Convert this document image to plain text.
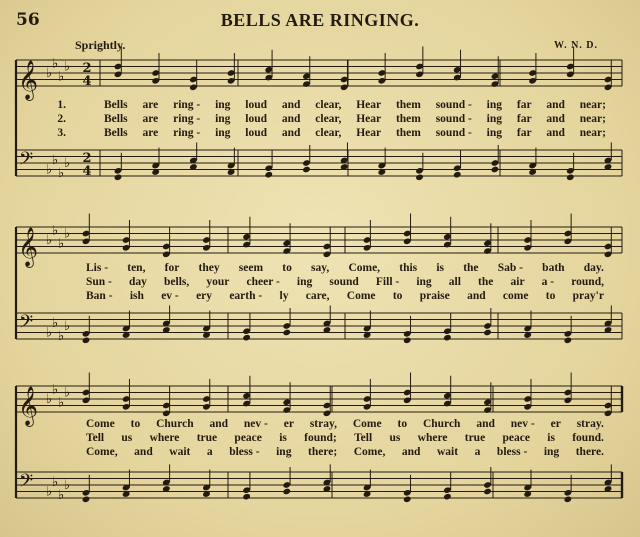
56	BELLS ARE RINGING.
Sprightly.	W. N. D.
𝄞
𝄢
♭
♭
♭
♭
♭
♭
♭
♭
2
4
2
4
𝄞
𝄢
♭
♭
♭
♭
♭
♭
♭
♭
𝄞
𝄢
♭
♭
♭
♭
♭
♭
♭
♭
1.	Bells are ring - ing loud and clear, Hear them sound - ing far and near;
2.	Bells are ring - ing loud and clear, Hear them sound - ing far and near;
3.	Bells are ring - ing loud and clear, Hear them sound - ing far and near;
Lis - ten, for they seem to say, Come, this is the Sab - bath day.
Sun - day bells, your cheer - ing sound Fill - ing all the air a - round,
Ban - ish ev - ery earth - ly care, Come to praise and come to pray'r
Come to Church and nev - er stray, Come to Church and nev - er stray.
Tell us where true peace is found; Tell us where true peace is found.
Come, and wait a bless - ing there; Come, and wait a bless - ing there.
